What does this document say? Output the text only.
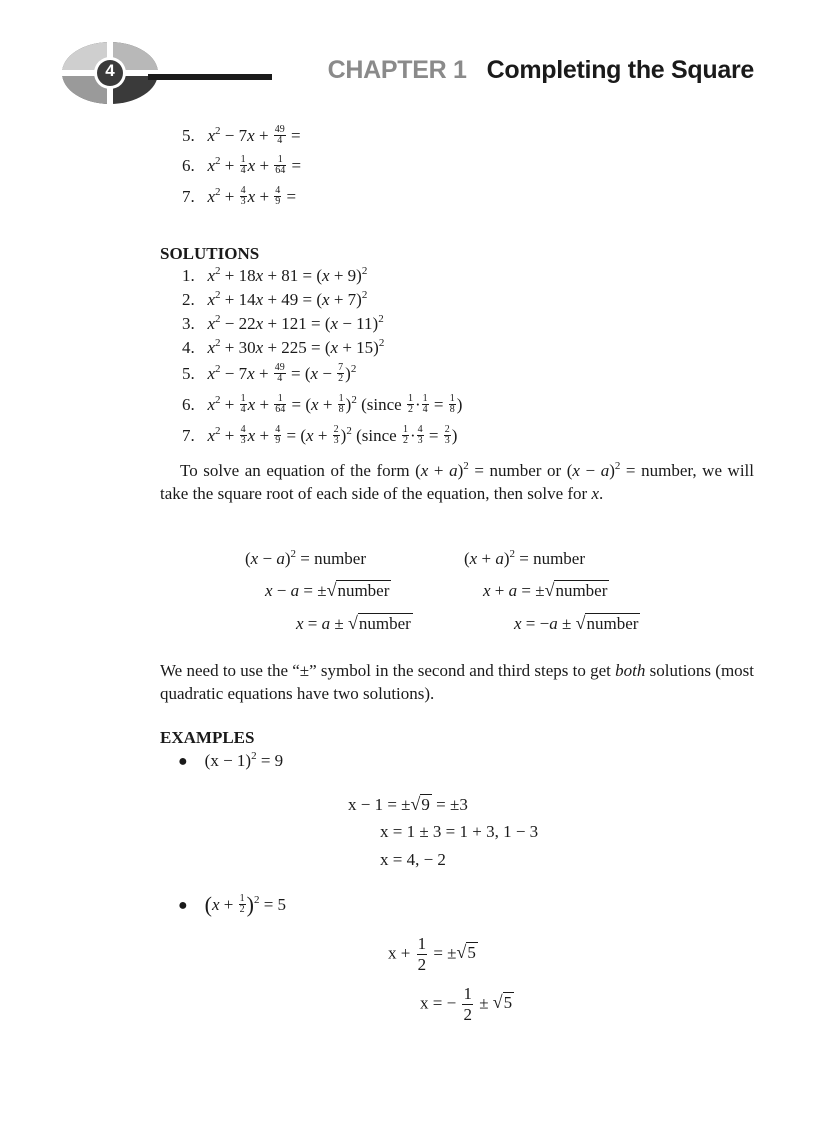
4	CHAPTER 1 Completing the Square
5. $x^2 - 7x + \frac{49}{4}$ =
6. $x^2 + \frac{1}{4}$ $x + \frac{1}{64}$ =
7. $x^2 + \frac{4}{3}$ $x + \frac{4}{9}$ =
SOLUTIONS
1. $x^2 + 18x + 81 = (x + 9)^2$
2. $x^2 + 14x + 49 = (x + 7)^2$
3. $x^2 - 22x + 121 = (x - 11)^2$
4. $x^2 + 30x + 225 = (x + 15)^2$
5. $x^2 - 7x + \frac{49}{4} = (x - \frac{7}{2} )^2$
6. $x^2 + \frac{1}{4}$ $x + \frac{1}{64} = (x + \frac{1}{8} )^2$ (since $\frac{1}{2} \cdot \frac{1}{4} = \frac{1}{8}$ )
7. $x^2 + \frac{4}{3}$ $x + \frac{4}{9} = (x + \frac{2}{3} )^2$ (since $\frac{1}{2} \cdot \frac{4}{3} = \frac{2}{3}$ )
To solve an equation of the form $(x + a)^2$ = number or $(x - a)^2$ = number, we will take the square root of each side of the equation, then solve for x.
$(x - a)^2$ = number
x − a = ± √ number
x = a ± √ number
$(x + a)^2$ = number
x + a = ± √ number
x = −a ± √ number
We need to use the “±” symbol in the second and third steps to get both solutions (most quadratic equations have two solutions).
EXAMPLES
● $(x - 1)^2 = 9$
x − 1 = ± √ 9 = ±3
x = 1 ± 3 = 1 + 3, 1 − 3
x = 4, − 2
● $(x + \frac{1}{2} )^2 = 5$
$x + \frac{1}{2}$ = ± √ 5
x = − $\frac{1}{2}$ ± √ 5
